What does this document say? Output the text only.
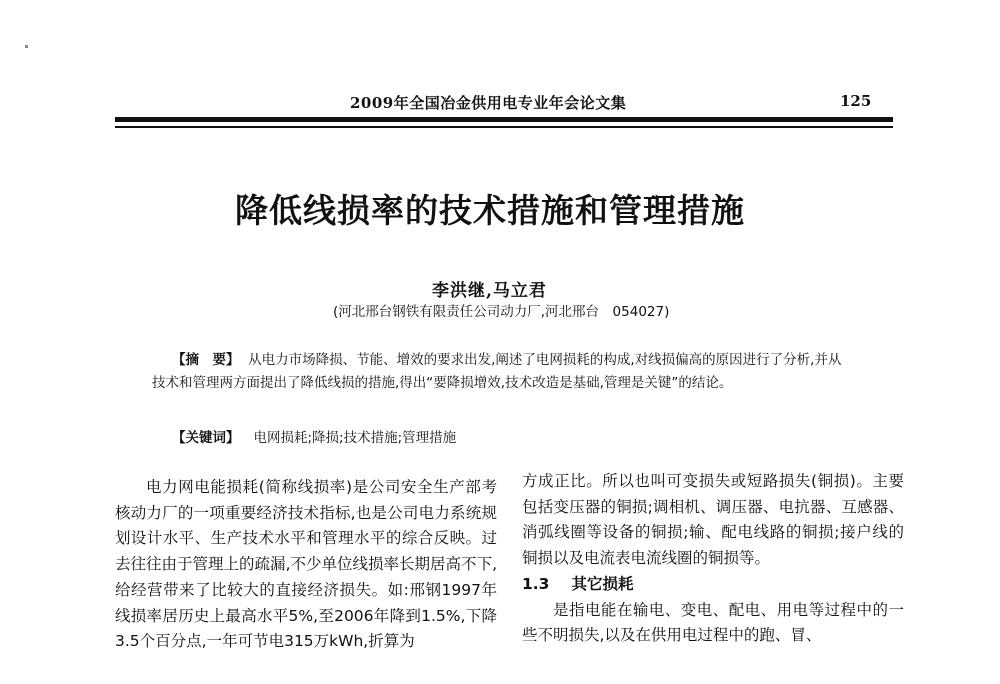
2009年全国冶金供用电专业年会论文集	125
降低线损率的技术措施和管理措施
李洪继,马立君
(河北邢台钢铁有限责任公司动力厂,河北邢台　054027)
【摘　要】 从电力市场降损、节能、增效的要求出发,阐述了电网损耗的构成,对线损偏高的原因进行了分析,并从技术和管理两方面提出了降低线损的措施,得出“要降损增效,技术改造是基础,管理是关键”的结论。
【关键词】 电网损耗;降损;技术措施;管理措施

电力网电能损耗(简称线损率)是公司安全生产部考核动力厂的一项重要经济技术指标,也是公司电力系统规划设计水平、生产技术水平和管理水平的综合反映。过去往往由于管理上的疏漏,不少单位线损率长期居高不下,给经营带来了比较大的直接经济损失。如:邢钢1997年线损率居历史上最高水平5%,至2006年降到1.5%,下降3.5个百分点,一年可节电315万kWh,折算为

方成正比。所以也叫可变损失或短路损失(铜损)。主要包括变压器的铜损;调相机、调压器、电抗器、互感器、消弧线圈等设备的铜损;输、配电线路的铜损;接户线的铜损以及电流表电流线圈的铜损等。

1.3 其它损耗

是指电能在输电、变电、配电、用电等过程中的一些不明损失,以及在供用电过程中的跑、冒、
